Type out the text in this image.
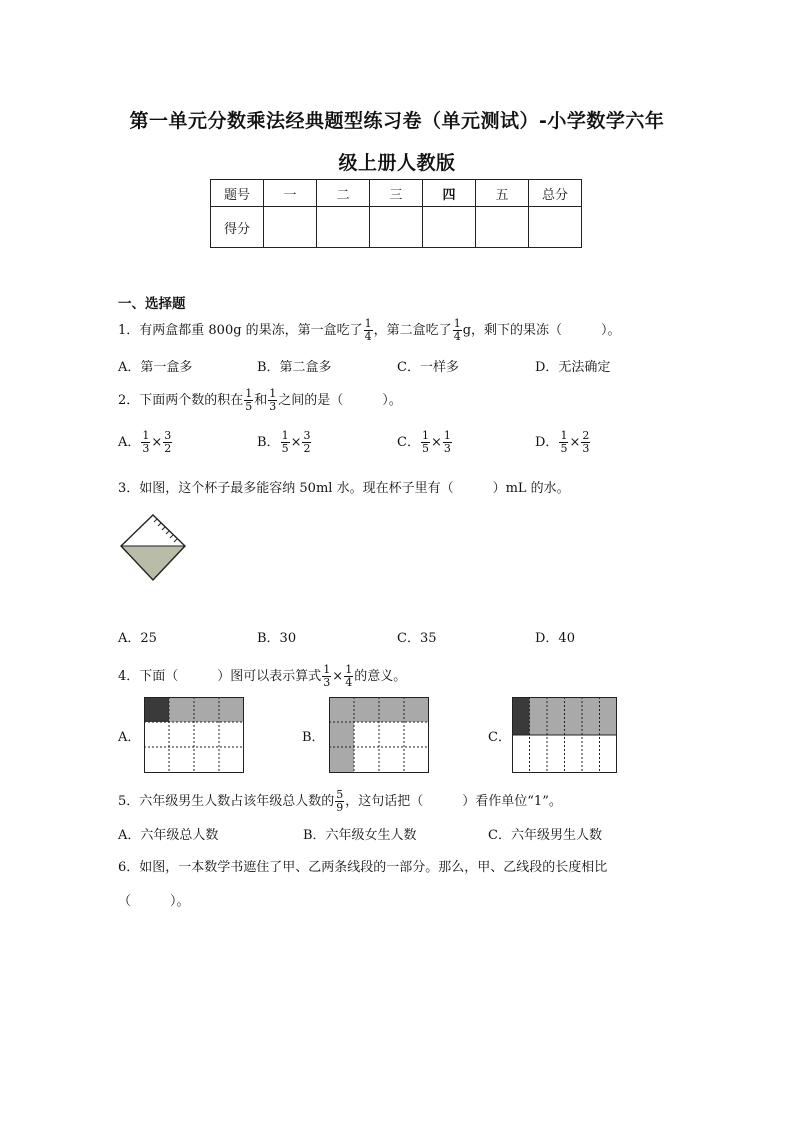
第一单元分数乘法经典题型练习卷（单元测试）-小学数学六年
级上册人教版
题号	一	二	三	四	五	总分
得分						
一、选择题
1．有两盒都重 800g 的果冻，第一盒吃了 $\frac{1}{4}$ ，第二盒吃了 $\frac{1}{4}$ g，剩下的果冻（　　　）。
A．第一盒多	B．第二盒多	C．一样多	D．无法确定
2．下面两个数的积在 $\frac{1}{5}$ 和 $\frac{1}{3}$ 之间的是（　　　）。
A． $\frac{1}{3} \times \frac{3}{2}$	B． $\frac{1}{5} \times \frac{3}{2}$	C． $\frac{1}{5} \times \frac{1}{3}$	D． $\frac{1}{5} \times \frac{2}{3}$
3．如图，这个杯子最多能容纳 50ml 水。现在杯子里有（　　　）mL 的水。
A．25	B．30	C．35	D．40
4．下面（　　　）图可以表示算式 $\frac{1}{3} \times \frac{1}{4}$ 的意义。
A．	B．	C．
5．六年级男生人数占该年级总人数的 $\frac{5}{9}$ ，这句话把（　　　）看作单位“1”。
A．六年级总人数	B．六年级女生人数	C．六年级男生人数
6．如图，一本数学书遮住了甲、乙两条线段的一部分。那么，甲、乙线段的长度相比
（　　　）。
